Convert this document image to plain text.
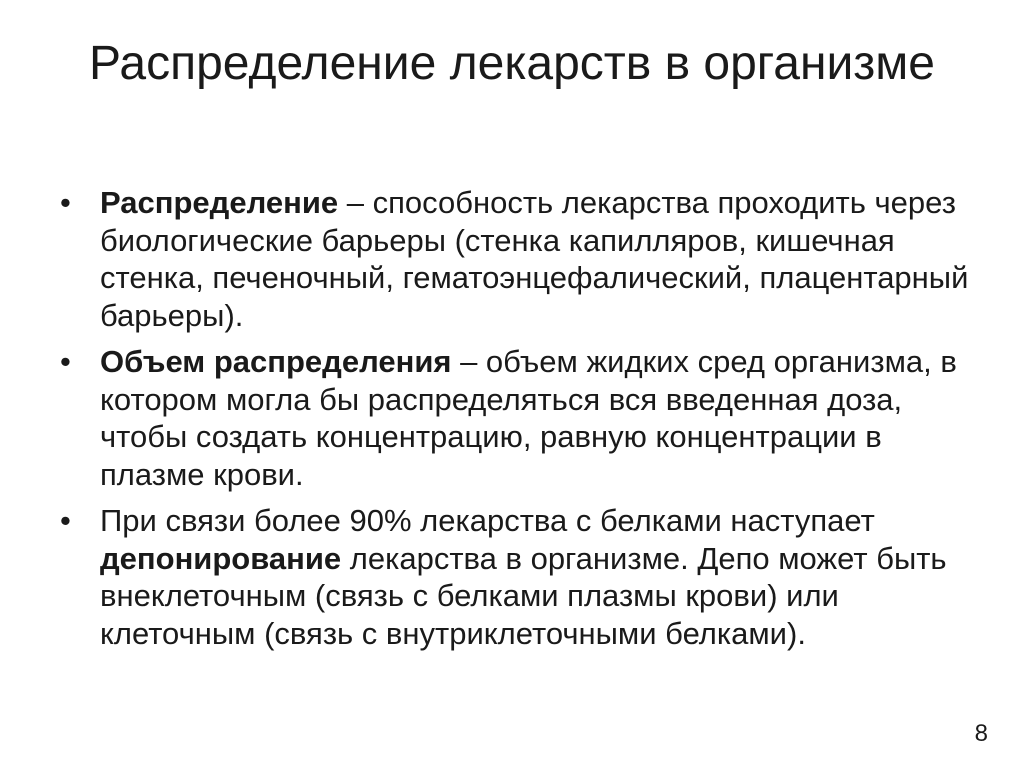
Распределение лекарств в организме
• Распределение – способность лекарства проходить через биологические барьеры (стенка капилляров, кишечная стенка, печеночный, гематоэнцефалический, плацентарный барьеры).
• Объем распределения – объем жидких сред организма, в котором могла бы распределяться вся введенная доза, чтобы создать концентрацию, равную концентрации в плазме крови.
• При связи более 90% лекарства с белками наступает депонирование лекарства в организме. Депо может быть внеклеточным (связь с белками плазмы крови) или клеточным (связь с внутриклеточными белками).
8
